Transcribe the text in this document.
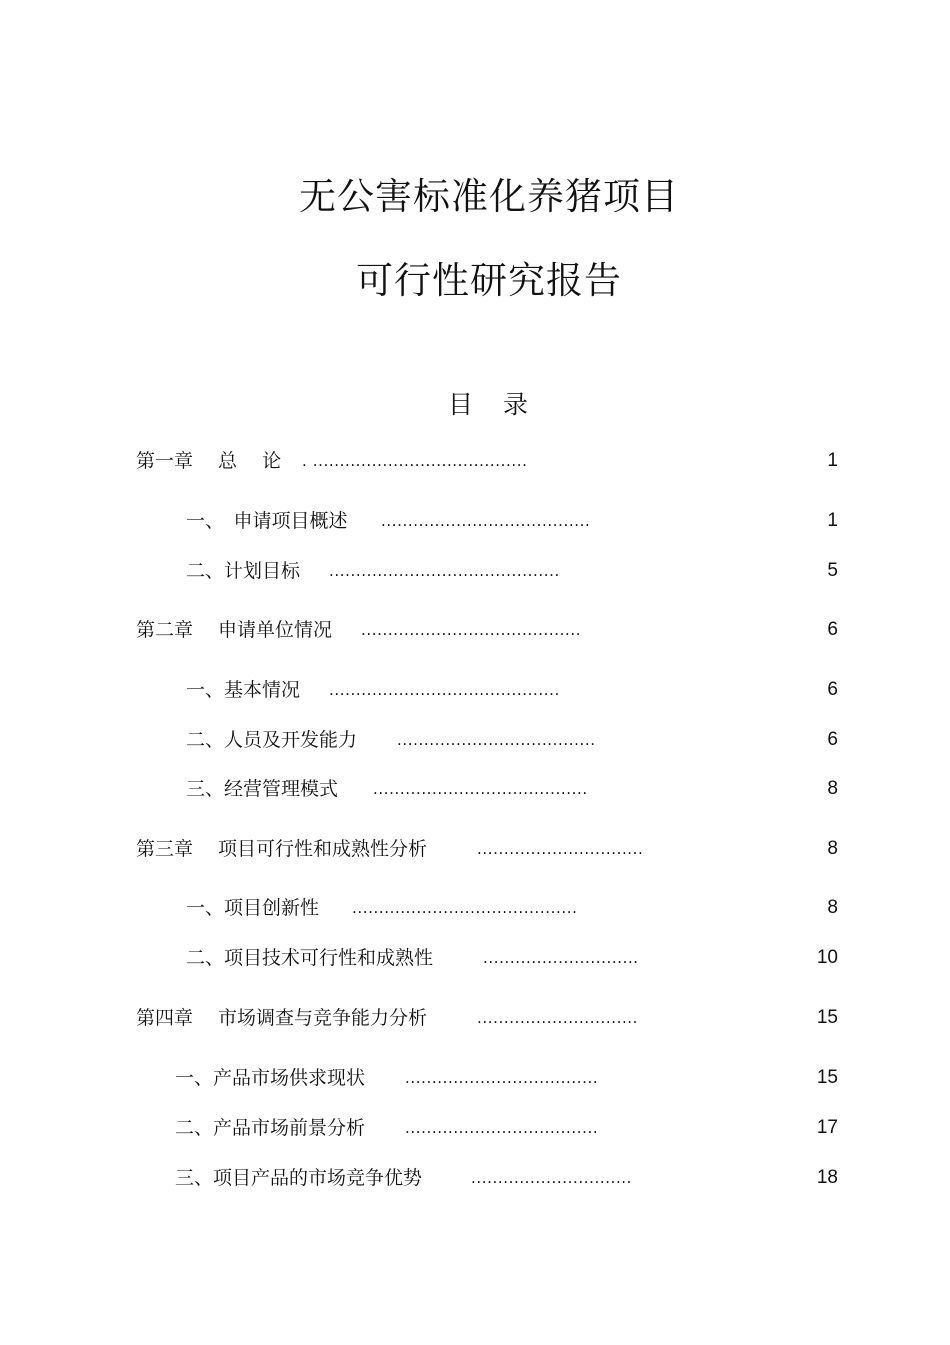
无公害标准化养猪项目
可行性研究报告
目录
第一章　 总　 论 . ........................................	1
一、　申请项目概述 .......................................	1
二、计划目标 ...........................................	5
第二章　 申请单位情况 .........................................	6
一、基本情况 ...........................................	6
二、人员及开发能力	.....................................	6
三、经营管理模式 ........................................	8
第三章　 项目可行性和成熟性分析	...............................	8
一、项目创新性 ..........................................	8
二、项目技术可行性和成熟性	.............................	10
第四章　 市场调查与竞争能力分析	..............................	15
一、产品市场供求现状	....................................	15
二、产品市场前景分析	....................................	17
三、项目产品的市场竞争优势	..............................	18
